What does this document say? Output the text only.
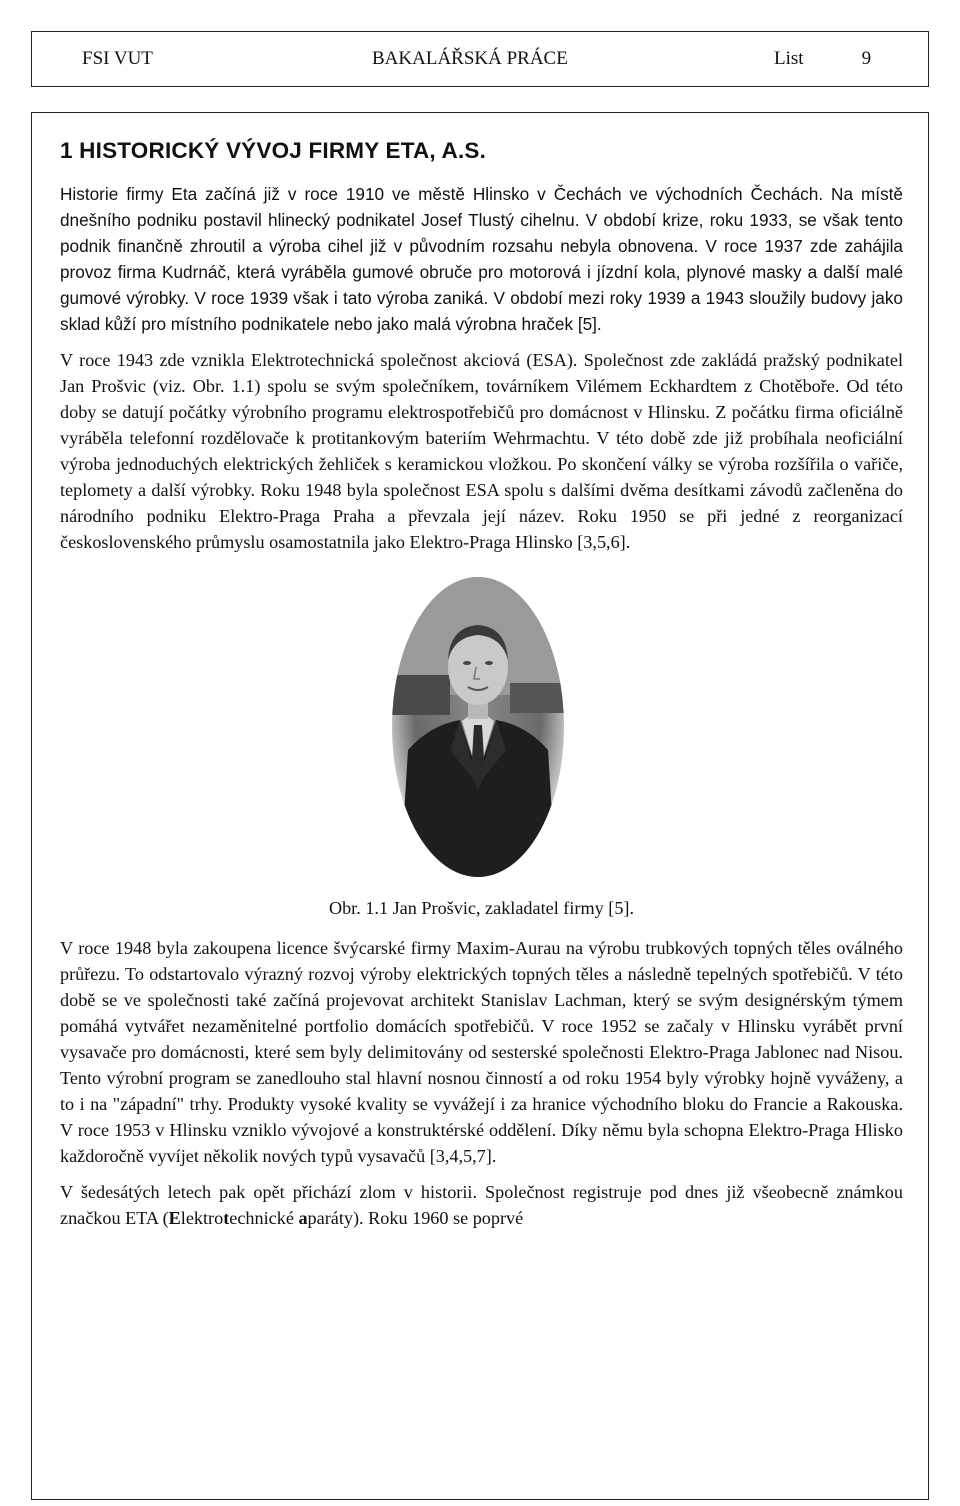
FSI VUT	BAKALÁŘSKÁ PRÁCE	List	9
1 HISTORICKÝ VÝVOJ FIRMY ETA, A.S.

Historie firmy Eta začíná již v roce 1910 ve městě Hlinsko v Čechách ve východních Čechách. Na místě dnešního podniku postavil hlinecký podnikatel Josef Tlustý cihelnu. V období krize, roku 1933, se však tento podnik finančně zhroutil a výroba cihel již v původním rozsahu nebyla obnovena. V roce 1937 zde zahájila provoz firma Kudrnáč, která vyráběla gumové obruče pro motorová i jízdní kola, plynové masky a další malé gumové výrobky. V roce 1939 však i tato výroba zaniká. V období mezi roky 1939 a 1943 sloužily budovy jako sklad kůží pro místního podnikatele nebo jako malá výrobna hraček [5].

V roce 1943 zde vznikla Elektrotechnická společnost akciová (ESA). Společnost zde zakládá pražský podnikatel Jan Prošvic (viz. Obr. 1.1) spolu se svým společníkem, továrníkem Vilémem Eckhardtem z Chotěboře. Od této doby se datují počátky výrobního programu elektrospotřebičů pro domácnost v Hlinsku. Z počátku firma oficiálně vyráběla telefonní rozdělovače k protitankovým bateriím Wehrmachtu. V této době zde již probíhala neoficiální výroba jednoduchých elektrických žehliček s keramickou vložkou. Po skončení války se výroba rozšířila o vařiče, teplomety a další výrobky. Roku 1948 byla společnost ESA spolu s dalšími dvěma desítkami závodů začleněna do národního podniku Elektro-Praga Praha a převzala její název. Roku 1950 se při jedné z reorganizací československého průmyslu osamostatnila jako Elektro-Praga Hlinsko [3,5,6].

Obr. 1.1 Jan Prošvic, zakladatel firmy [5].

V roce 1948 byla zakoupena licence švýcarské firmy Maxim-Aurau na výrobu trubkových topných těles oválného průřezu. To odstartovalo výrazný rozvoj výroby elektrických topných těles a následně tepelných spotřebičů. V této době se ve společnosti také začíná projevovat architekt Stanislav Lachman, který se svým designérským týmem pomáhá vytvářet nezaměnitelné portfolio domácích spotřebičů. V roce 1952 se začaly v Hlinsku vyrábět první vysavače pro domácnosti, které sem byly delimitovány od sesterské společnosti Elektro-Praga Jablonec nad Nisou. Tento výrobní program se zanedlouho stal hlavní nosnou činností a od roku 1954 byly výrobky hojně vyváženy, a to i na "západní" trhy. Produkty vysoké kvality se vyvážejí i za hranice východního bloku do Francie a Rakouska. V roce 1953 v Hlinsku vzniklo vývojové a konstruktérské oddělení. Díky němu byla schopna Elektro-Praga Hlisko každoročně vyvíjet několik nových typů vysavačů [3,4,5,7].

V šedesátých letech pak opět přichází zlom v historii. Společnost registruje pod dnes již všeobecně známkou značkou ETA (Elektrotechnické aparáty). Roku 1960 se poprvé
